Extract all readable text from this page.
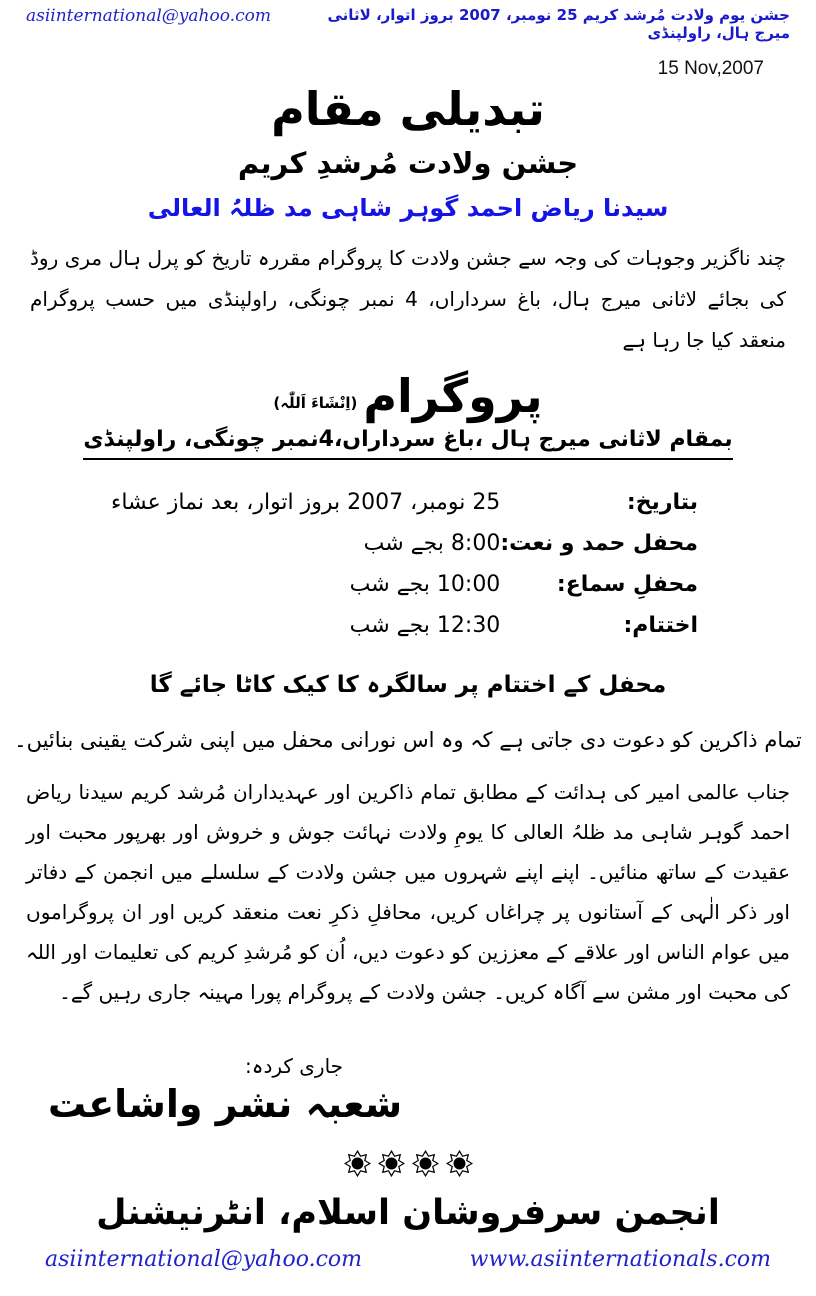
asiinternational@yahoo.com	جشن یوم ولادت مُرشد کریم 25 نومبر، 2007 بروز اتوار، لاثانی میرج ہال، راولپنڈی
15 Nov,2007
تبدیلی مقام
جشن ولادت مُرشدِ کریم
سیدنا ریاض احمد گوہر شاہی مد ظلہُ العالی
چند ناگزیر وجوہات کی وجہ سے جشن ولادت کا پروگرام مقررہ تاریخ کو پرل ہال مری روڈ کی بجائے لاثانی میرج ہال، باغ سرداراں، 4 نمبر چونگی، راولپنڈی میں حسب پروگرام منعقد کیا جا رہا ہے
پروگرام
(اِنْشَاءَ اَللّٰہ)
بمقام لاثانی میرج ہال ،باغ سرداراں،4نمبر چونگی، راولپنڈی
بتاریخ:	25 نومبر، 2007 بروز اتوار، بعد نماز عشاء
محفل حمد و نعت:	8:00 بجے شب
محفلِ سماع:	10:00 بجے شب
اختتام:	12:30 بجے شب
محفل کے اختتام پر سالگرہ کا کیک کاٹا جائے گا
تمام ذاکرین کو دعوت دی جاتی ہے کہ وہ اس نورانی محفل میں اپنی شرکت یقینی بنائیں۔
جناب عالمی امیر کی ہدائت کے مطابق تمام ذاکرین اور عہدیداران مُرشد کریم سیدنا ریاض احمد گوہر شاہی مد ظلہُ العالی کا یومِ ولادت نہائت جوش و خروش اور بھرپور محبت اور عقیدت کے ساتھ منائیں۔ اپنے اپنے شہروں میں جشن ولادت کے سلسلے میں انجمن کے دفاتر اور ذکر الٰہی کے آستانوں پر چراغاں کریں، محافلِ ذکرِ نعت منعقد کریں اور ان پروگراموں میں عوام الناس اور علاقے کے معززین کو دعوت دیں، اُن کو مُرشدِ کریم کی تعلیمات اور اللہ کی محبت اور مشن سے آگاہ کریں۔ جشن ولادت کے پروگرام پورا مہینہ جاری رہیں گے۔
جاری کردہ:
شعبہ نشر واشاعت
انجمن سرفروشان اسلام، انٹرنیشنل
asiinternational@yahoo.com	www.asiinternationals.com
